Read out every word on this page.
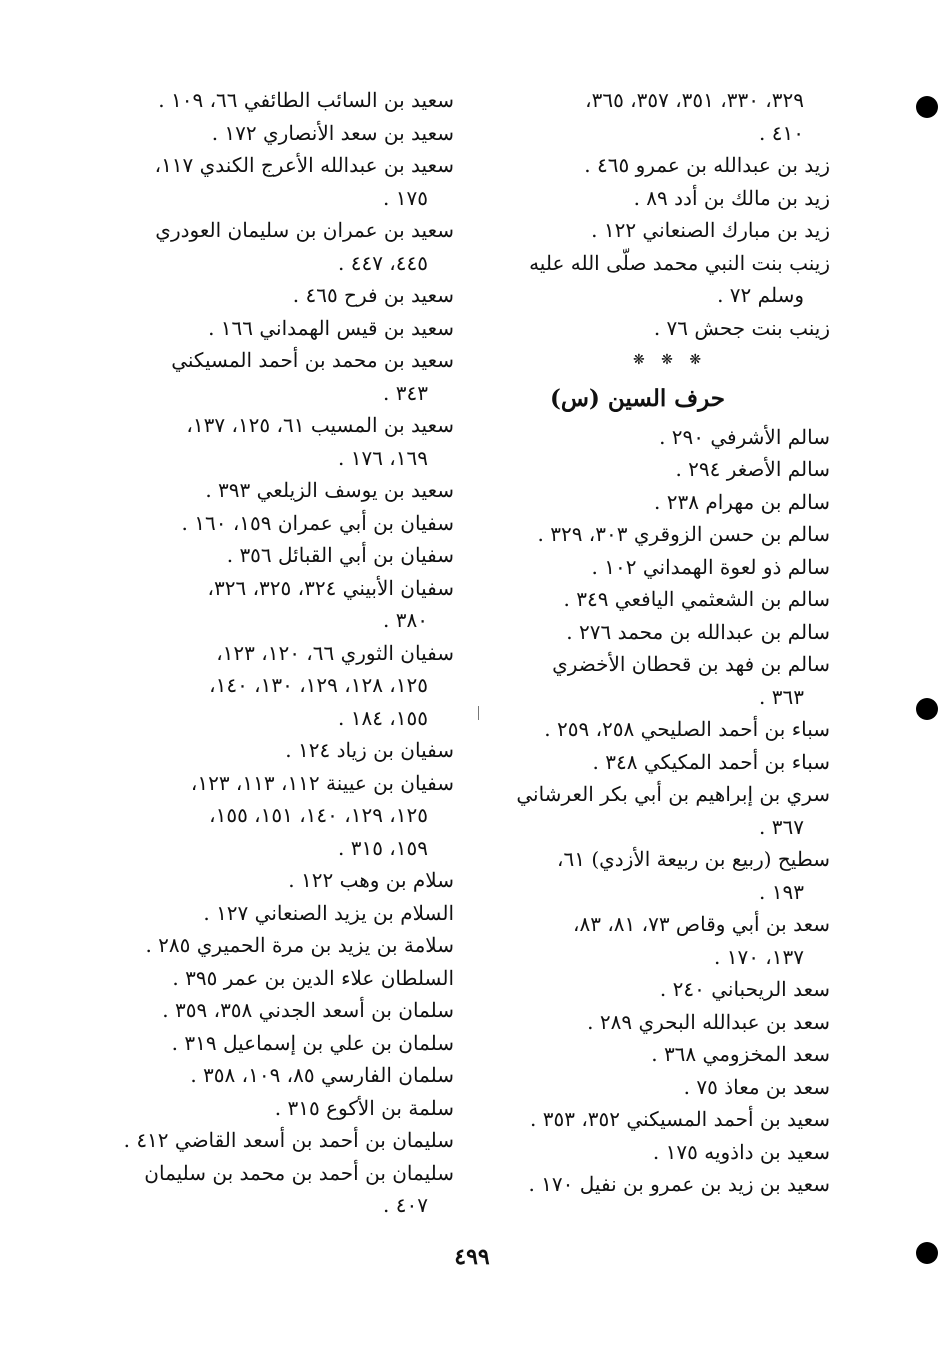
٣٢٩، ٣٣٠، ٣٥١، ٣٥٧، ٣٦٥،
٤١٠ .
زيد بن عبدالله بن عمرو ٤٦٥ .
زيد بن مالك بن أدد ٨٩ .
زيد بن مبارك الصنعاني ١٢٢ .
زينب بنت النبي محمد صلّى الله عليه
وسلم ٧٢ .
زينب بنت جحش ٧٦ .
❋ ❋ ❋
حرف السين (س)
سالم الأشرفي ٢٩٠ .
سالم الأصغر ٢٩٤ .
سالم بن مهرام ٢٣٨ .
سالم بن حسن الزوقري ٣٠٣، ٣٢٩ .
سالم ذو لعوة الهمداني ١٠٢ .
سالم بن الشعثمي اليافعي ٣٤٩ .
سالم بن عبدالله بن محمد ٢٧٦ .
سالم بن فهد بن قحطان الأخضري
٣٦٣ .
سباء بن أحمد الصليحي ٢٥٨، ٢٥٩ .
سباء بن أحمد المكيكي ٣٤٨ .
سري بن إبراهيم بن أبي بكر العرشاني
٣٦٧ .
سطيح (ربيع بن ربيعة الأزدي) ٦١،
١٩٣ .
سعد بن أبي وقاص ٧٣، ٨١، ٨٣،
١٣٧، ١٧٠ .
سعد الريحباني ٢٤٠ .
سعد بن عبدالله البحري ٢٨٩ .
سعد المخزومي ٣٦٨ .
سعد بن معاذ ٧٥ .
سعيد بن أحمد المسيكني ٣٥٢، ٣٥٣ .
سعيد بن داذويه ١٧٥ .
سعيد بن زيد بن عمرو بن نفيل ١٧٠ .
سعيد بن السائب الطائفي ٦٦، ١٠٩ .
سعيد بن سعد الأنصاري ١٧٢ .
سعيد بن عبدالله الأعرج الكندي ١١٧،
١٧٥ .
سعيد بن عمران بن سليمان العودري
٤٤٥، ٤٤٧ .
سعيد بن فرح ٤٦٥ .
سعيد بن قيس الهمداني ١٦٦ .
سعيد بن محمد بن أحمد المسيكني
٣٤٣ .
سعيد بن المسيب ٦١، ١٢٥، ١٣٧،
١٦٩، ١٧٦ .
سعيد بن يوسف الزيلعي ٣٩٣ .
سفيان بن أبي عمران ١٥٩، ١٦٠ .
سفيان بن أبي القبائل ٣٥٦ .
سفيان الأبيني ٣٢٤، ٣٢٥، ٣٢٦،
٣٨٠ .
سفيان الثوري ٦٦، ١٢٠، ١٢٣،
١٢٥، ١٢٨، ١٢٩، ١٣٠، ١٤٠،
١٥٥، ١٨٤ .
سفيان بن زياد ١٢٤ .
سفيان بن عيينة ١١٢، ١١٣، ١٢٣،
١٢٥، ١٢٩، ١٤٠، ١٥١، ١٥٥،
١٥٩، ٣١٥ .
سلام بن وهب ١٢٢ .
السلام بن يزيد الصنعاني ١٢٧ .
سلامة بن يزيد بن مرة الحميري ٢٨٥ .
السلطان علاء الدين بن عمر ٣٩٥ .
سلمان بن أسعد الجدني ٣٥٨، ٣٥٩ .
سلمان بن علي بن إسماعيل ٣١٩ .
سلمان الفارسي ٨٥، ١٠٩، ٣٥٨ .
سلمة بن الأكوع ٣١٥ .
سليمان بن أحمد بن أسعد القاضي ٤١٢ .
سليمان بن أحمد بن محمد بن سليمان
٤٠٧ .
٤٩٩
